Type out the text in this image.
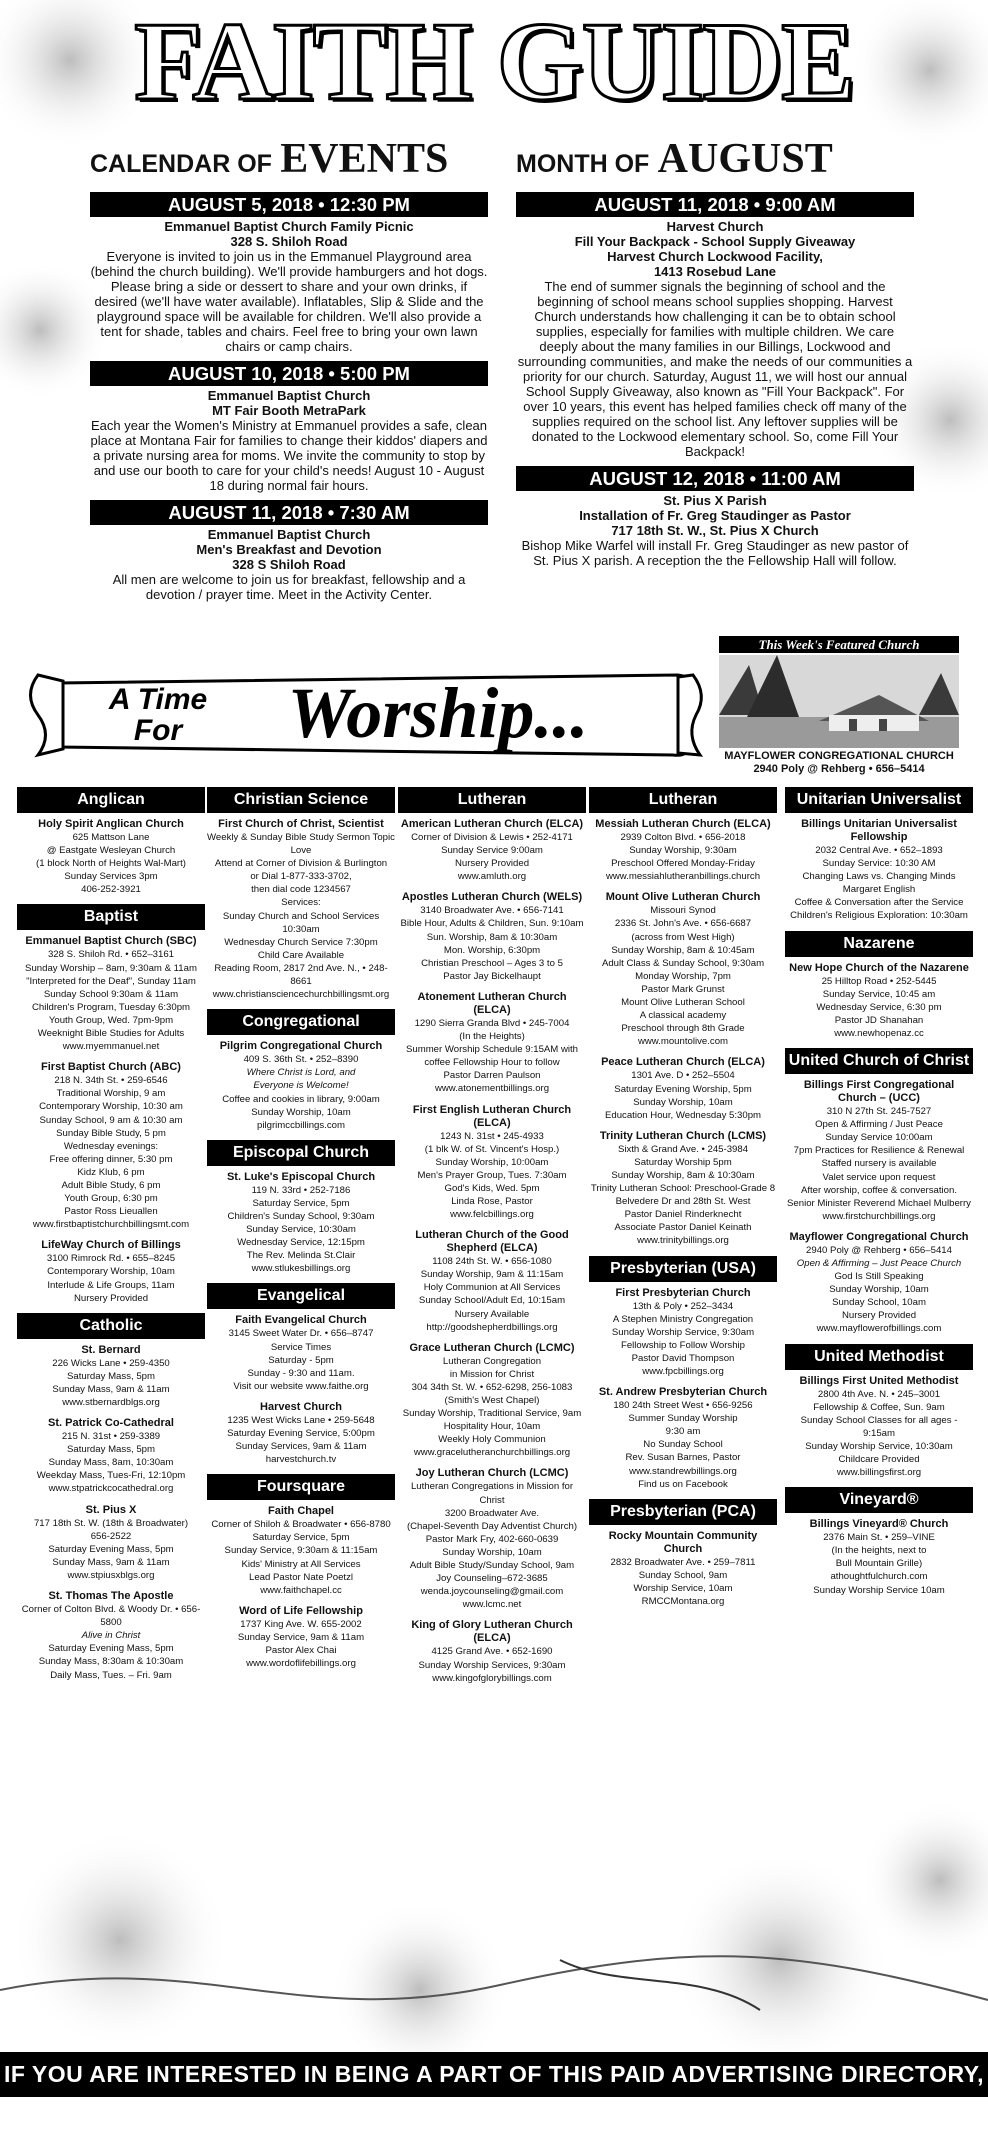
FAITH GUIDE
CALENDAR OF EVENTS	MONTH OF AUGUST
AUGUST 5, 2018 • 12:30 PM
Emmanuel Baptist Church Family Picnic
328 S. Shiloh Road
Everyone is invited to join us in the Emmanuel Playground area (behind the church building). We'll provide hamburgers and hot dogs. Please bring a side or dessert to share and your own drinks, if desired (we'll have water available). Inflatables, Slip & Slide and the playground space will be available for children. We'll also provide a tent for shade, tables and chairs. Feel free to bring your own lawn chairs or camp chairs.
AUGUST 10, 2018 • 5:00 PM
Emmanuel Baptist Church
MT Fair Booth MetraPark
Each year the Women's Ministry at Emmanuel provides a safe, clean place at Montana Fair for families to change their kiddos' diapers and a private nursing area for moms. We invite the community to stop by and use our booth to care for your child's needs! August 10 - August 18 during normal fair hours.
AUGUST 11, 2018 • 7:30 AM
Emmanuel Baptist Church
Men's Breakfast and Devotion
328 S Shiloh Road
All men are welcome to join us for breakfast, fellowship and a devotion / prayer time. Meet in the Activity Center.
AUGUST 11, 2018 • 9:00 AM
Harvest Church
Fill Your Backpack - School Supply Giveaway
Harvest Church Lockwood Facility,
1413 Rosebud Lane
The end of summer signals the beginning of school and the beginning of school means school supplies shopping. Harvest Church understands how challenging it can be to obtain school supplies, especially for families with multiple children. We care deeply about the many families in our Billings, Lockwood and surrounding communities, and make the needs of our communities a priority for our church. Saturday, August 11, we will host our annual School Supply Giveaway, also known as "Fill Your Backpack". For over 10 years, this event has helped families check off many of the supplies required on the school list. Any leftover supplies will be donated to the Lockwood elementary school. So, come Fill Your Backpack!
AUGUST 12, 2018 • 11:00 AM
St. Pius X Parish
Installation of Fr. Greg Staudinger as Pastor
717 18th St. W., St. Pius X Church
Bishop Mike Warfel will install Fr. Greg Staudinger as new pastor of St. Pius X parish. A reception the the Fellowship Hall will follow.
A Time
For Worship...
This Week's Featured Church
MAYFLOWER CONGREGATIONAL CHURCH
2940 Poly @ Rehberg • 656–5414
Anglican
Holy Spirit Anglican Church
625 Mattson Lane
@ Eastgate Wesleyan Church
(1 block North of Heights Wal-Mart)
Sunday Services 3pm
406-252-3921
Baptist
Emmanuel Baptist Church (SBC)
328 S. Shiloh Rd. • 652–3161
Sunday Worship – 8am, 9:30am & 11am
"Interpreted for the Deaf", Sunday 11am
Sunday School 9:30am & 11am
Children's Program, Tuesday 6:30pm
Youth Group, Wed. 7pm-9pm
Weeknight Bible Studies for Adults
www.myemmanuel.net
First Baptist Church (ABC)
218 N. 34th St. • 259-6546
Traditional Worship, 9 am
Contemporary Worship, 10:30 am
Sunday School, 9 am & 10:30 am
Sunday Bible Study, 5 pm
Wednesday evenings:
Free offering dinner, 5:30 pm
Kidz Klub, 6 pm
Adult Bible Study, 6 pm
Youth Group, 6:30 pm
Pastor Ross Lieuallen
www.firstbaptistchurchbillingsmt.com
LifeWay Church of Billings
3100 Rimrock Rd. • 655–8245
Contemporary Worship, 10am
Interlude & Life Groups, 11am
Nursery Provided
Catholic
St. Bernard
226 Wicks Lane • 259-4350
Saturday Mass, 5pm
Sunday Mass, 9am & 11am
www.stbernardblgs.org
St. Patrick Co-Cathedral
215 N. 31st • 259-3389
Saturday Mass, 5pm
Sunday Mass, 8am, 10:30am
Weekday Mass, Tues-Fri, 12:10pm
www.stpatrickcocathedral.org
St. Pius X
717 18th St. W. (18th & Broadwater)
656-2522
Saturday Evening Mass, 5pm
Sunday Mass, 9am & 11am
www.stpiusxblgs.org
St. Thomas The Apostle
Corner of Colton Blvd. & Woody Dr. • 656-5800
Alive in Christ
Saturday Evening Mass, 5pm
Sunday Mass, 8:30am & 10:30am
Daily Mass, Tues. – Fri. 9am
Christian Science
First Church of Christ, Scientist
Weekly & Sunday Bible Study Sermon Topic
Love
Attend at Corner of Division & Burlington
or Dial 1-877-333-3702,
then dial code 1234567
Services:
Sunday Church and School Services 10:30am
Wednesday Church Service 7:30pm
Child Care Available
Reading Room, 2817 2nd Ave. N., • 248-8661
www.christiansciencechurchbillingsmt.org
Congregational
Pilgrim Congregational Church
409 S. 36th St. • 252–8390
Where Christ is Lord, and
Everyone is Welcome!
Coffee and cookies in library, 9:00am
Sunday Worship, 10am
pilgrimccbillings.com
Episcopal Church
St. Luke's Episcopal Church
119 N. 33rd • 252-7186
Saturday Service, 5pm
Children's Sunday School, 9:30am
Sunday Service, 10:30am
Wednesday Service, 12:15pm
The Rev. Melinda St.Clair
www.stlukesbillings.org
Evangelical
Faith Evangelical Church
3145 Sweet Water Dr. • 656–8747
Service Times
Saturday - 5pm
Sunday - 9:30 and 11am.
Visit our website www.faithe.org
Harvest Church
1235 West Wicks Lane • 259-5648
Saturday Evening Service, 5:00pm
Sunday Services, 9am & 11am
harvestchurch.tv
Foursquare
Faith Chapel
Corner of Shiloh & Broadwater • 656-8780
Saturday Service, 5pm
Sunday Service, 9:30am & 11:15am
Kids' Ministry at All Services
Lead Pastor Nate Poetzl
www.faithchapel.cc
Word of Life Fellowship
1737 King Ave. W. 655-2002
Sunday Service, 9am & 11am
Pastor Alex Chai
www.wordoflifebillings.org
Lutheran
American Lutheran Church (ELCA)
Corner of Division & Lewis • 252-4171
Sunday Service 9:00am
Nursery Provided
www.amluth.org
Apostles Lutheran Church (WELS)
3140 Broadwater Ave. • 656-7141
Bible Hour, Adults & Children, Sun. 9:10am
Sun. Worship, 8am & 10:30am
Mon. Worship, 6:30pm
Christian Preschool – Ages 3 to 5
Pastor Jay Bickelhaupt
Atonement Lutheran Church (ELCA)
1290 Sierra Granda Blvd • 245-7004
(In the Heights)
Summer Worship Schedule 9:15AM with
coffee Fellowship Hour to follow
Pastor Darren Paulson
www.atonementbillings.org
First English Lutheran Church (ELCA)
1243 N. 31st • 245-4933
(1 blk W. of St. Vincent's Hosp.)
Sunday Worship, 10:00am
Men's Prayer Group, Tues. 7:30am
God's Kids, Wed. 5pm
Linda Rose, Pastor
www.felcbillings.org
Lutheran Church of the Good Shepherd (ELCA)
1108 24th St. W. • 656-1080
Sunday Worship, 9am & 11:15am
Holy Communion at All Services
Sunday School/Adult Ed, 10:15am
Nursery Available
http://goodshepherdbillings.org
Grace Lutheran Church (LCMC)
Lutheran Congregation
in Mission for Christ
304 34th St. W. • 652-6298, 256-1083
(Smith's West Chapel)
Sunday Worship, Traditional Service, 9am
Hospitality Hour, 10am
Weekly Holy Communion
www.gracelutheranchurchbillings.org
Joy Lutheran Church (LCMC)
Lutheran Congregations in Mission for Christ
3200 Broadwater Ave.
(Chapel-Seventh Day Adventist Church)
Pastor Mark Fry, 402-660-0639
Sunday Worship, 10am
Adult Bible Study/Sunday School, 9am
Joy Counseling–672-3685
wenda.joycounseling@gmail.com
www.lcmc.net
King of Glory Lutheran Church (ELCA)
4125 Grand Ave. • 652-1690
Sunday Worship Services, 9:30am
www.kingofglorybillings.com
Lutheran
Messiah Lutheran Church (ELCA)
2939 Colton Blvd. • 656-2018
Sunday Worship, 9:30am
Preschool Offered Monday-Friday
www.messiahlutheranbillings.church
Mount Olive Lutheran Church
Missouri Synod
2336 St. John's Ave. • 656-6687
(across from West High)
Sunday Worship, 8am & 10:45am
Adult Class & Sunday School, 9:30am
Monday Worship, 7pm
Pastor Mark Grunst
Mount Olive Lutheran School
A classical academy
Preschool through 8th Grade
www.mountolive.com
Peace Lutheran Church (ELCA)
1301 Ave. D • 252–5504
Saturday Evening Worship, 5pm
Sunday Worship, 10am
Education Hour, Wednesday 5:30pm
Trinity Lutheran Church (LCMS)
Sixth & Grand Ave. • 245-3984
Saturday Worship 5pm
Sunday Worship, 8am & 10:30am
Trinity Lutheran School: Preschool-Grade 8
Belvedere Dr and 28th St. West
Pastor Daniel Rinderknecht
Associate Pastor Daniel Keinath
www.trinitybillings.org
Presbyterian (USA)
First Presbyterian Church
13th & Poly • 252–3434
A Stephen Ministry Congregation
Sunday Worship Service, 9:30am
Fellowship to Follow Worship
Pastor David Thompson
www.fpcbillings.org
St. Andrew Presbyterian Church
180 24th Street West • 656-9256
Summer Sunday Worship
9:30 am
No Sunday School
Rev. Susan Barnes, Pastor
www.standrewbillings.org
Find us on Facebook
Presbyterian (PCA)
Rocky Mountain Community Church
2832 Broadwater Ave. • 259–7811
Sunday School, 9am
Worship Service, 10am
RMCCMontana.org
Unitarian Universalist
Billings Unitarian Universalist Fellowship
2032 Central Ave. • 652–1893
Sunday Service: 10:30 AM
Changing Laws vs. Changing Minds
Margaret English
Coffee & Conversation after the Service
Children's Religious Exploration: 10:30am
Nazarene
New Hope Church of the Nazarene
25 Hilltop Road • 252-5445
Sunday Service, 10:45 am
Wednesday Service, 6:30 pm
Pastor JD Shanahan
www.newhopenaz.cc
United Church of Christ
Billings First Congregational Church – (UCC)
310 N 27th St. 245-7527
Open & Affirming / Just Peace
Sunday Service 10:00am
7pm Practices for Resilience & Renewal
Staffed nursery is available
Valet service upon request
After worship, coffee & conversation.
Senior Minister Reverend Michael Mulberry
www.firstchurchbillings.org
Mayflower Congregational Church
2940 Poly @ Rehberg • 656–5414
Open & Affirming – Just Peace Church
God Is Still Speaking
Sunday Worship, 10am
Sunday School, 10am
Nursery Provided
www.mayflowerofbillings.com
United Methodist
Billings First United Methodist
2800 4th Ave. N. • 245–3001
Fellowship & Coffee, Sun. 9am
Sunday School Classes for all ages - 9:15am
Sunday Worship Service, 10:30am
Childcare Provided
www.billingsfirst.org
Vineyard®
Billings Vineyard® Church
2376 Main St. • 259–VINE
(In the heights, next to
Bull Mountain Grille)
athoughtfulchurch.com
Sunday Worship Service 10am
IF YOU ARE INTERESTED IN BEING A PART OF THIS PAID ADVERTISING DIRECTORY, CALL 657-1495.
